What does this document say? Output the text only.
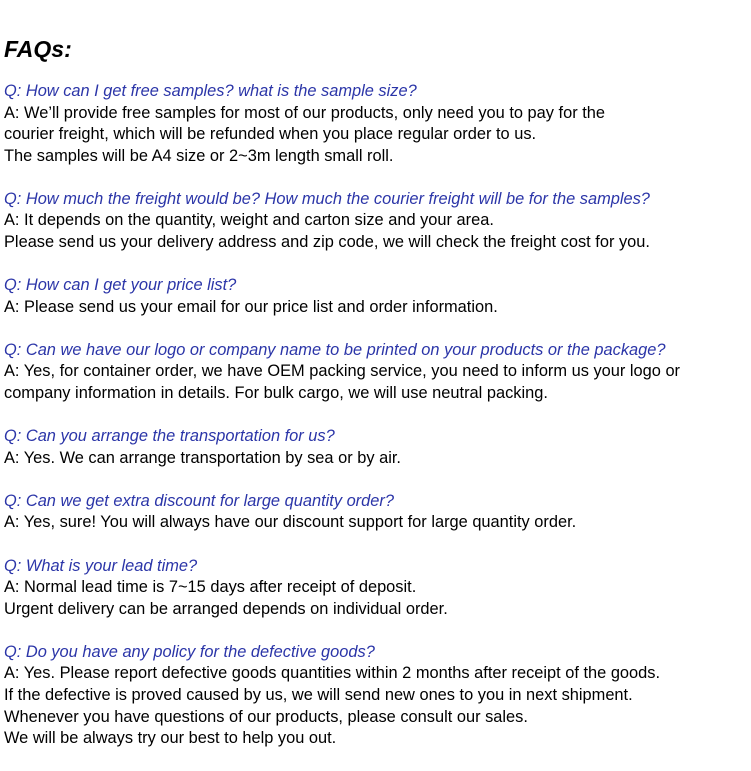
FAQs:
Q: How can I get free samples? what is the sample size?
A: We’ll provide free samples for most of our products, only need you to pay for the
courier freight, which will be refunded when you place regular order to us.
The samples will be A4 size or 2~3m length small roll.
Q: How much the freight would be? How much the courier freight will be for the samples?
A: It depends on the quantity, weight and carton size and your area.
Please send us your delivery address and zip code, we will check the freight cost for you.
Q: How can I get your price list?
A: Please send us your email for our price list and order information.
Q: Can we have our logo or company name to be printed on your products or the package?
A: Yes, for container order, we have OEM packing service, you need to inform us your logo or
company information in details. For bulk cargo, we will use neutral packing.
Q: Can you arrange the transportation for us?
A: Yes. We can arrange transportation by sea or by air.
Q: Can we get extra discount for large quantity order?
A: Yes, sure! You will always have our discount support for large quantity order.
Q: What is your lead time?
A: Normal lead time is 7~15 days after receipt of deposit.
Urgent delivery can be arranged depends on individual order.
Q: Do you have any policy for the defective goods?
A: Yes. Please report defective goods quantities within 2 months after receipt of the goods.
If the defective is proved caused by us, we will send new ones to you in next shipment.
Whenever you have questions of our products, please consult our sales.
We will be always try our best to help you out.
